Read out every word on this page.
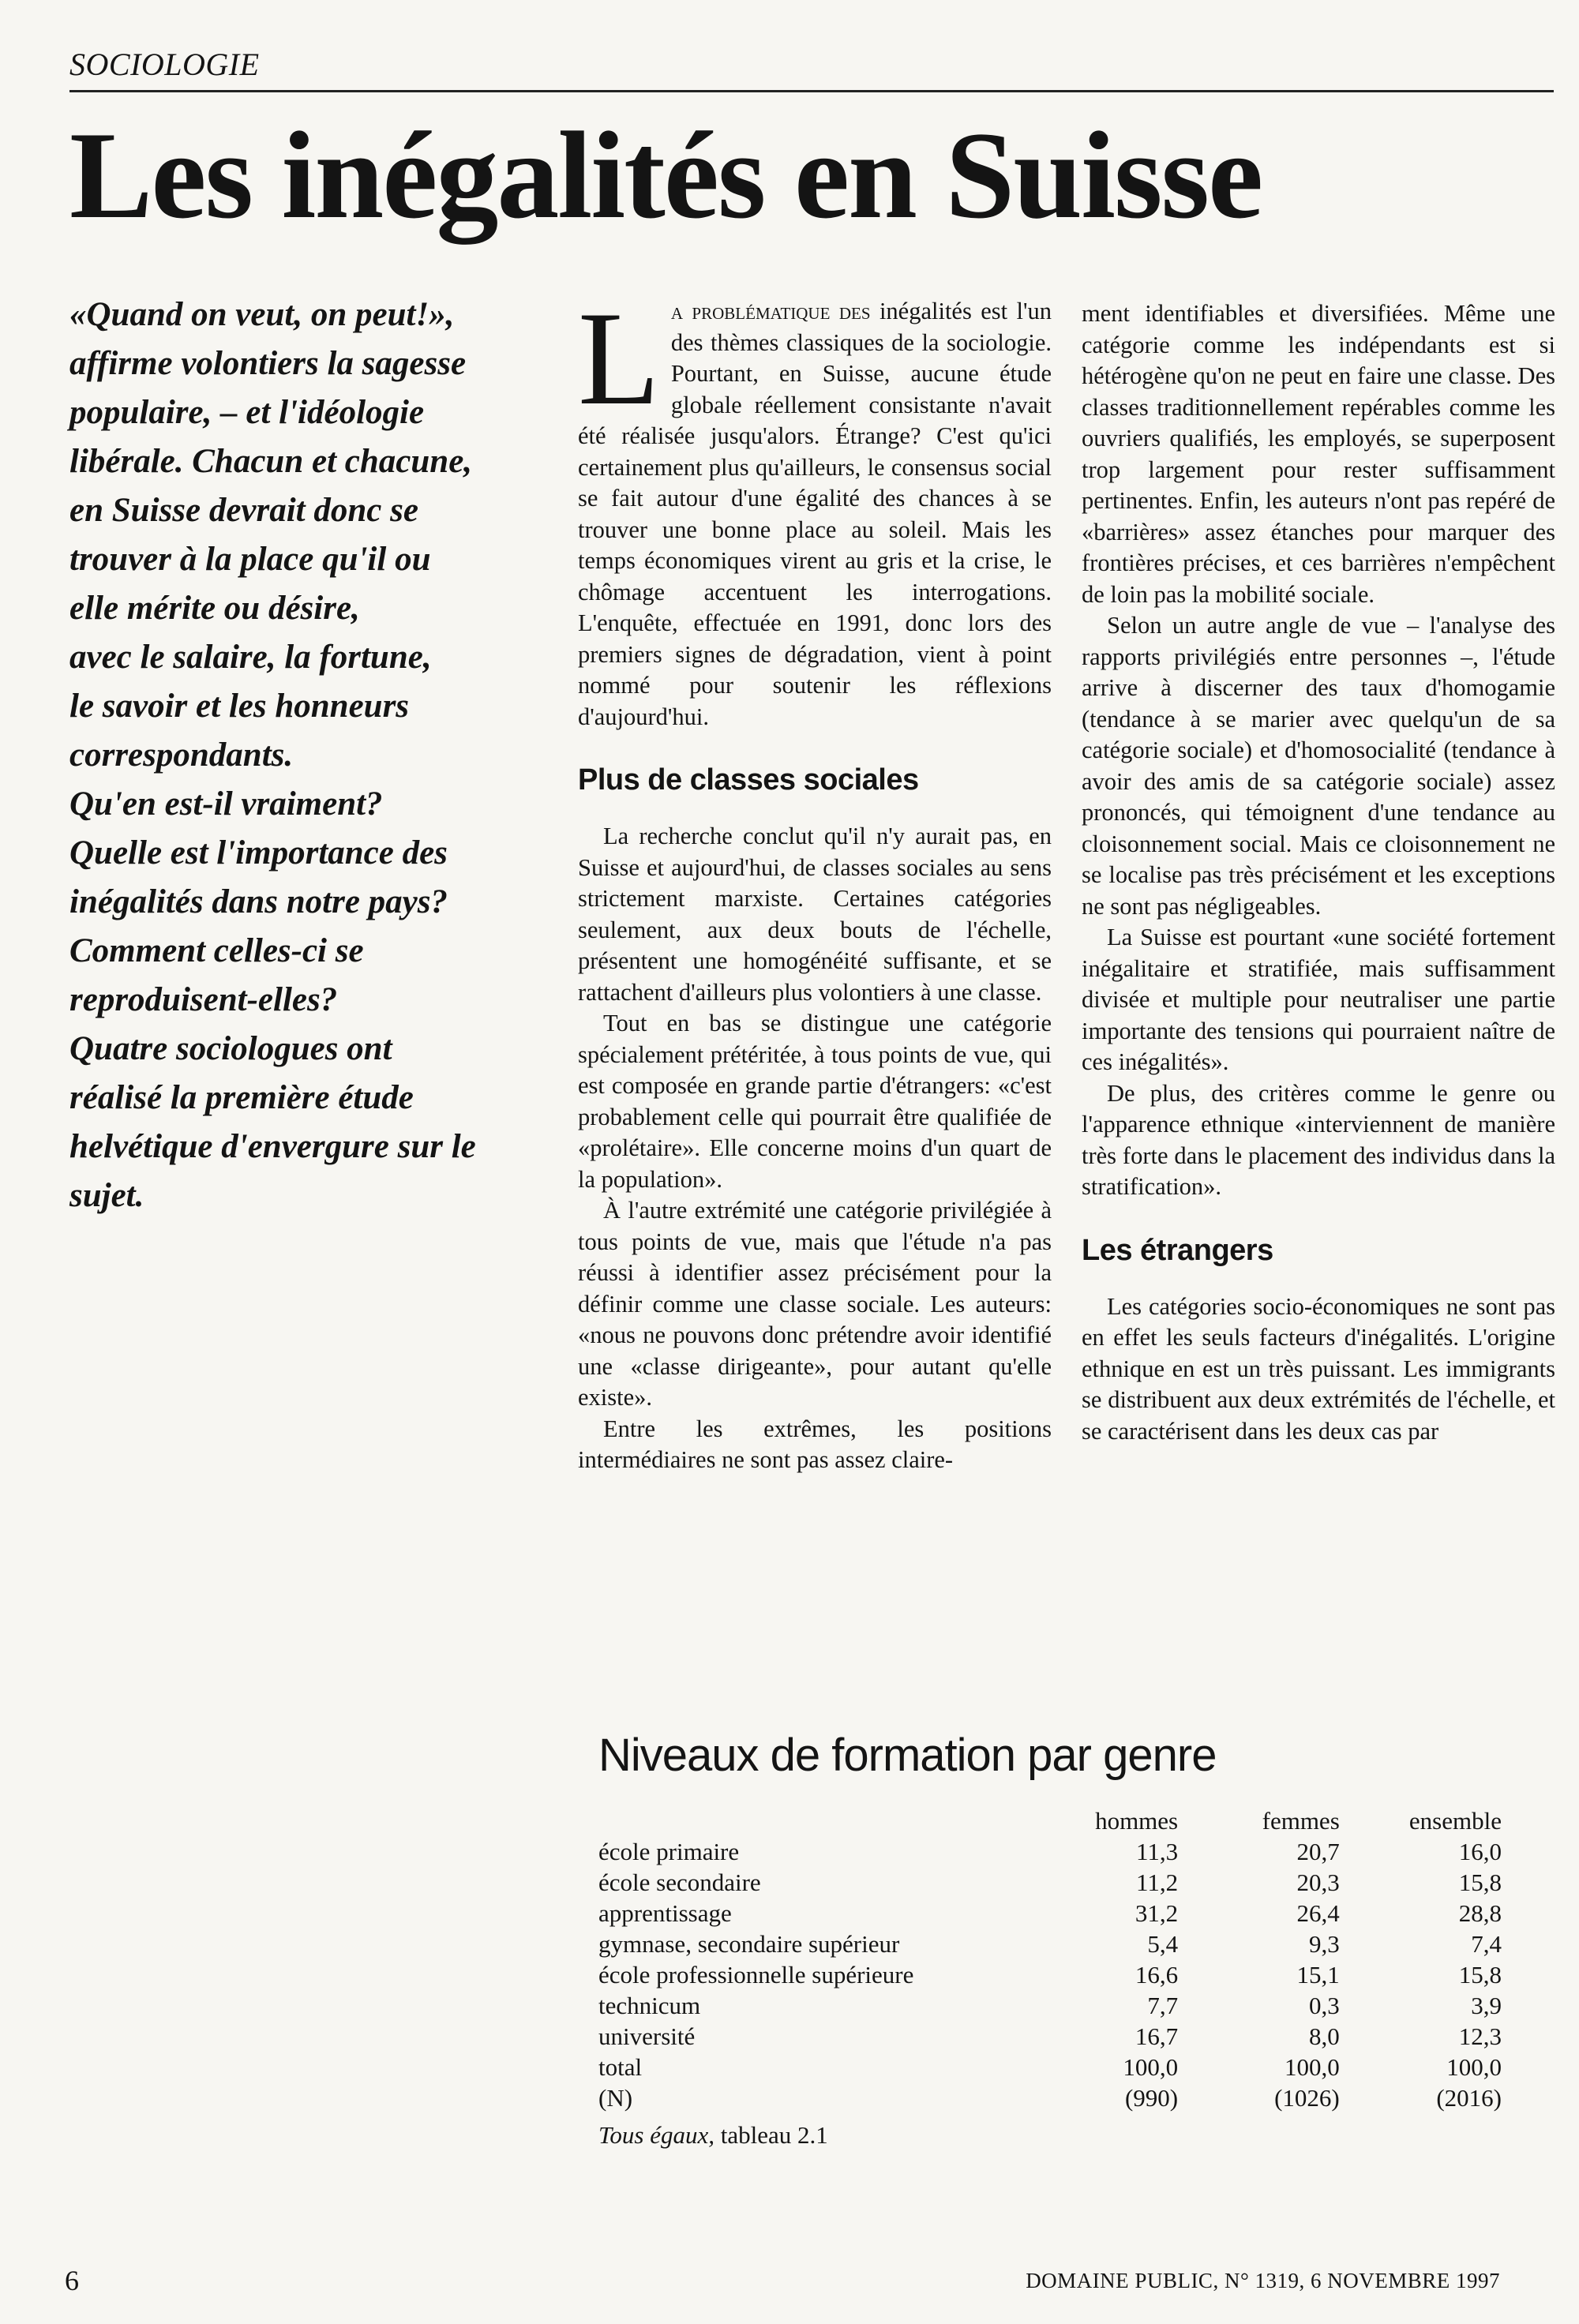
SOCIOLOGIE
Les inégalités en Suisse
«Quand on veut, on peut!»,
affirme volontiers la sagesse
populaire, – et l'idéologie
libérale. Chacun et chacune,
en Suisse devrait donc se
trouver à la place qu'il ou
elle mérite ou désire,
avec le salaire, la fortune,
le savoir et les honneurs
correspondants.
Qu'en est-il vraiment?
Quelle est l'importance des
inégalités dans notre pays?
Comment celles-ci se
reproduisent-elles?
Quatre sociologues ont
réalisé la première étude
helvétique d'envergure sur le
sujet.

La problématique des inégalités est l'un des thèmes classiques de la sociologie. Pourtant, en Suisse, aucune étude globale réellement consistante n'avait été réalisée jusqu'alors. Étrange? C'est qu'ici certainement plus qu'ailleurs, le consensus social se fait autour d'une égalité des chances à se trouver une bonne place au soleil. Mais les temps économiques virent au gris et la crise, le chômage accentuent les interrogations. L'enquête, effectuée en 1991, donc lors des premiers signes de dégradation, vient à point nommé pour soutenir les réflexions d'aujourd'hui.

Plus de classes sociales

La recherche conclut qu'il n'y aurait pas, en Suisse et aujourd'hui, de classes sociales au sens strictement marxiste. Certaines catégories seulement, aux deux bouts de l'échelle, présentent une homogénéité suffisante, et se rattachent d'ailleurs plus volontiers à une classe.

Tout en bas se distingue une catégorie spécialement prétéritée, à tous points de vue, qui est composée en grande partie d'étrangers: «c'est probablement celle qui pourrait être qualifiée de «prolétaire». Elle concerne moins d'un quart de la population».

À l'autre extrémité une catégorie privilégiée à tous points de vue, mais que l'étude n'a pas réussi à identifier assez précisément pour la définir comme une classe sociale. Les auteurs: «nous ne pouvons donc prétendre avoir identifié une «classe dirigeante», pour autant qu'elle existe».

Entre les extrêmes, les positions intermédiaires ne sont pas assez claire-

ment identifiables et diversifiées. Même une catégorie comme les indépendants est si hétérogène qu'on ne peut en faire une classe. Des classes traditionnellement repérables comme les ouvriers qualifiés, les employés, se superposent trop largement pour rester suffisamment pertinentes. Enfin, les auteurs n'ont pas repéré de «barrières» assez étanches pour marquer des frontières précises, et ces barrières n'empêchent de loin pas la mobilité sociale.

Selon un autre angle de vue – l'analyse des rapports privilégiés entre personnes –, l'étude arrive à discerner des taux d'homogamie (tendance à se marier avec quelqu'un de sa catégorie sociale) et d'homosocialité (tendance à avoir des amis de sa catégorie sociale) assez prononcés, qui témoignent d'une tendance au cloisonnement social. Mais ce cloisonnement ne se localise pas très précisément et les exceptions ne sont pas négligeables.

La Suisse est pourtant «une société fortement inégalitaire et stratifiée, mais suffisamment divisée et multiple pour neutraliser une partie importante des tensions qui pourraient naître de ces inégalités».

De plus, des critères comme le genre ou l'apparence ethnique «interviennent de manière très forte dans le placement des individus dans la stratification».

Les étrangers

Les catégories socio-économiques ne sont pas en effet les seuls facteurs d'inégalités. L'origine ethnique en est un très puissant. Les immigrants se distribuent aux deux extrémités de l'échelle, et se caractérisent dans les deux cas par

Niveaux de formation par genre
	hommes	femmes	ensemble
école primaire	11,3	20,7	16,0
école secondaire	11,2	20,3	15,8
apprentissage	31,2	26,4	28,8
gymnase, secondaire supérieur	5,4	9,3	7,4
école professionnelle supérieure	16,6	15,1	15,8
technicum	7,7	0,3	3,9
université	16,7	8,0	12,3
total	100,0	100,0	100,0
(N)	(990)	(1026)	(2016)
Tous égaux, tableau 2.1
6	DOMAINE PUBLIC, N° 1319, 6 NOVEMBRE 1997
